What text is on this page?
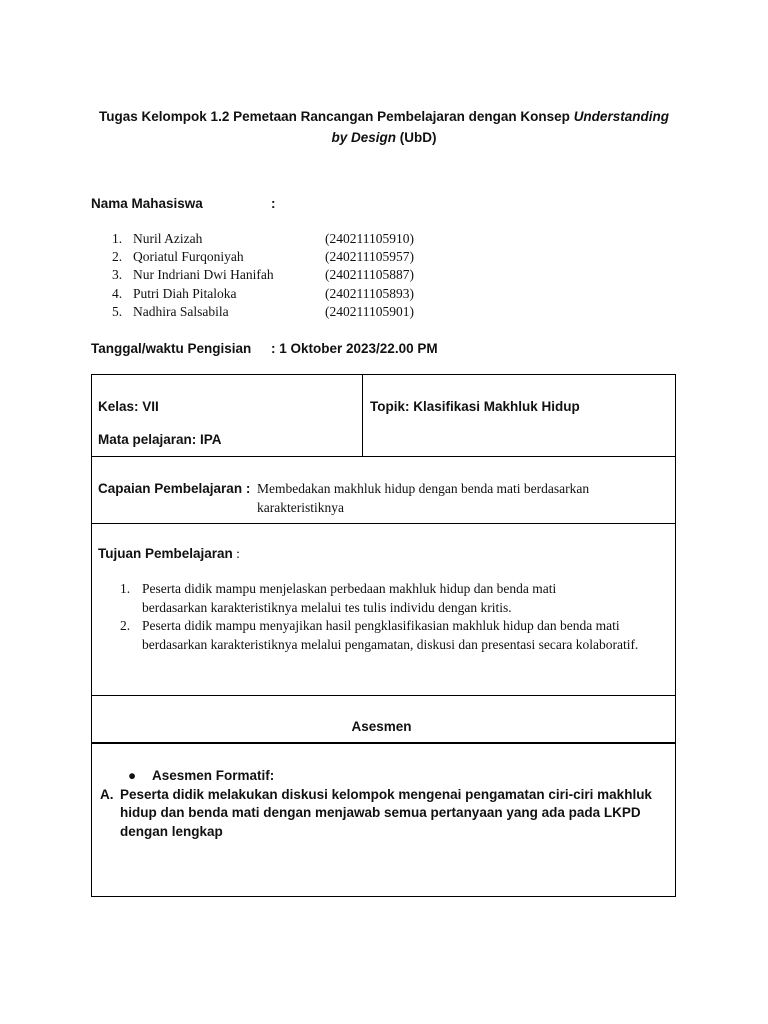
Tugas Kelompok 1.2 Pemetaan Rancangan Pembelajaran dengan Konsep Understanding
by Design (UbD)
Nama Mahasiswa	:
1. Nuril Azizah	(240211105910)
2. Qoriatul Furqoniyah	(240211105957)
3. Nur Indriani Dwi Hanifah	(240211105887)
4. Putri Diah Pitaloka	(240211105893)
5. Nadhira Salsabila	(240211105901)
Tanggal/waktu Pengisian : 1 Oktober 2023/22.00 PM
Kelas: VII
Mata pelajaran: IPA
Topik: Klasifikasi Makhluk Hidup
Capaian Pembelajaran : Membedakan makhluk hidup dengan benda mati berdasarkan
karakteristiknya
Tujuan Pembelajaran :
1. Peserta didik mampu menjelaskan perbedaan makhluk hidup dan benda mati berdasarkan karakteristiknya melalui tes tulis individu dengan kritis.
2. Peserta didik mampu menyajikan hasil pengklasifikasian makhluk hidup dan benda mati berdasarkan karakteristiknya melalui pengamatan, diskusi dan presentasi secara kolaboratif.
Asesmen
●	Asesmen Formatif:
A. Peserta didik melakukan diskusi kelompok mengenai pengamatan ciri-ciri makhluk hidup dan benda mati dengan menjawab semua pertanyaan yang ada pada LKPD dengan lengkap
